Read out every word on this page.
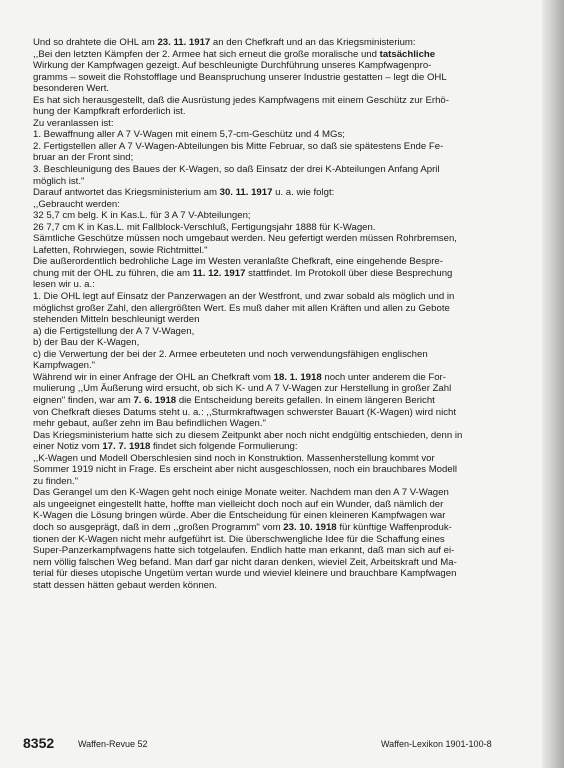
Und so drahtete die OHL am 23. 11. 1917 an den Chefkraft und an das Kriegsministerium:
,,Bei den letzten Kämpfen der 2. Armee hat sich erneut die große moralische und tatsächliche
Wirkung der Kampfwagen gezeigt. Auf beschleunigte Durchführung unseres Kampfwagenpro-
gramms – soweit die Rohstofflage und Beanspruchung unserer Industrie gestatten – legt die OHL
besonderen Wert.
Es hat sich herausgestellt, daß die Ausrüstung jedes Kampfwagens mit einem Geschütz zur Erhö-
hung der Kampfkraft erforderlich ist.
Zu veranlassen ist:
1. Bewaffnung aller A 7 V-Wagen mit einem 5,7-cm-Geschütz und 4 MGs;
2. Fertigstellen aller A 7 V-Wagen-Abteilungen bis Mitte Februar, so daß sie spätestens Ende Fe-
bruar an der Front sind;
3. Beschleunigung des Baues der K-Wagen, so daß Einsatz der drei K-Abteilungen Anfang April
möglich ist."
Darauf antwortet das Kriegsministerium am 30. 11. 1917 u. a. wie folgt:
,,Gebraucht werden:
32 5,7 cm belg. K in Kas.L. für 3 A 7 V-Abteilungen;
26 7,7 cm K in Kas.L. mit Fallblock-Verschluß, Fertigungsjahr 1888 für K-Wagen.
Sämtliche Geschütze müssen noch umgebaut werden. Neu gefertigt werden müssen Rohrbremsen,
Lafetten, Rohrwiegen, sowie Richtmittel."
Die außerordentlich bedrohliche Lage im Westen veranlaßte Chefkraft, eine eingehende Bespre-
chung mit der OHL zu führen, die am 11. 12. 1917 stattfindet. Im Protokoll über diese Besprechung
lesen wir u. a.:
1. Die OHL legt auf Einsatz der Panzerwagen an der Westfront, und zwar sobald als möglich und in
möglichst großer Zahl, den allergrößten Wert. Es muß daher mit allen Kräften und allen zu Gebote
stehenden Mitteln beschleunigt werden
a) die Fertigstellung der A 7 V-Wagen,
b) der Bau der K-Wagen,
c) die Verwertung der bei der 2. Armee erbeuteten und noch verwendungsfähigen englischen
Kampfwagen."
Während wir in einer Anfrage der OHL an Chefkraft vom 18. 1. 1918 noch unter anderem die For-
mulierung ,,Um Äußerung wird ersucht, ob sich K- und A 7 V-Wagen zur Herstellung in großer Zahl
eignen" finden, war am 7. 6. 1918 die Entscheidung bereits gefallen. In einem längeren Bericht
von Chefkraft dieses Datums steht u. a.: ,,Sturmkraftwagen schwerster Bauart (K-Wagen) wird nicht
mehr gebaut, außer zehn im Bau befindlichen Wagen."
Das Kriegsministerium hatte sich zu diesem Zeitpunkt aber noch nicht endgültig entschieden, denn in
einer Notiz vom 17. 7. 1918 findet sich folgende Formulierung:
,,K-Wagen und Modell Oberschlesien sind noch in Konstruktion. Massenherstellung kommt vor
Sommer 1919 nicht in Frage. Es erscheint aber nicht ausgeschlossen, noch ein brauchbares Modell
zu finden."
Das Gerangel um den K-Wagen geht noch einige Monate weiter. Nachdem man den A 7 V-Wagen
als ungeeignet eingestellt hatte, hoffte man vielleicht doch noch auf ein Wunder, daß nämlich der
K-Wagen die Lösung bringen würde. Aber die Entscheidung für einen kleineren Kampfwagen war
doch so ausgeprägt, daß in dem ,,großen Programm" vom 23. 10. 1918 für künftige Waffenproduk-
tionen der K-Wagen nicht mehr aufgeführt ist. Die überschwengliche Idee für die Schaffung eines
Super-Panzerkampfwagens hatte sich totgelaufen. Endlich hatte man erkannt, daß man sich auf ei-
nem völlig falschen Weg befand. Man darf gar nicht daran denken, wieviel Zeit, Arbeitskraft und Ma-
terial für dieses utopische Ungetüm vertan wurde und wieviel kleinere und brauchbare Kampfwagen
statt dessen hätten gebaut werden können.
8352	Waffen-Revue 52	Waffen-Lexikon 1901-100-8
